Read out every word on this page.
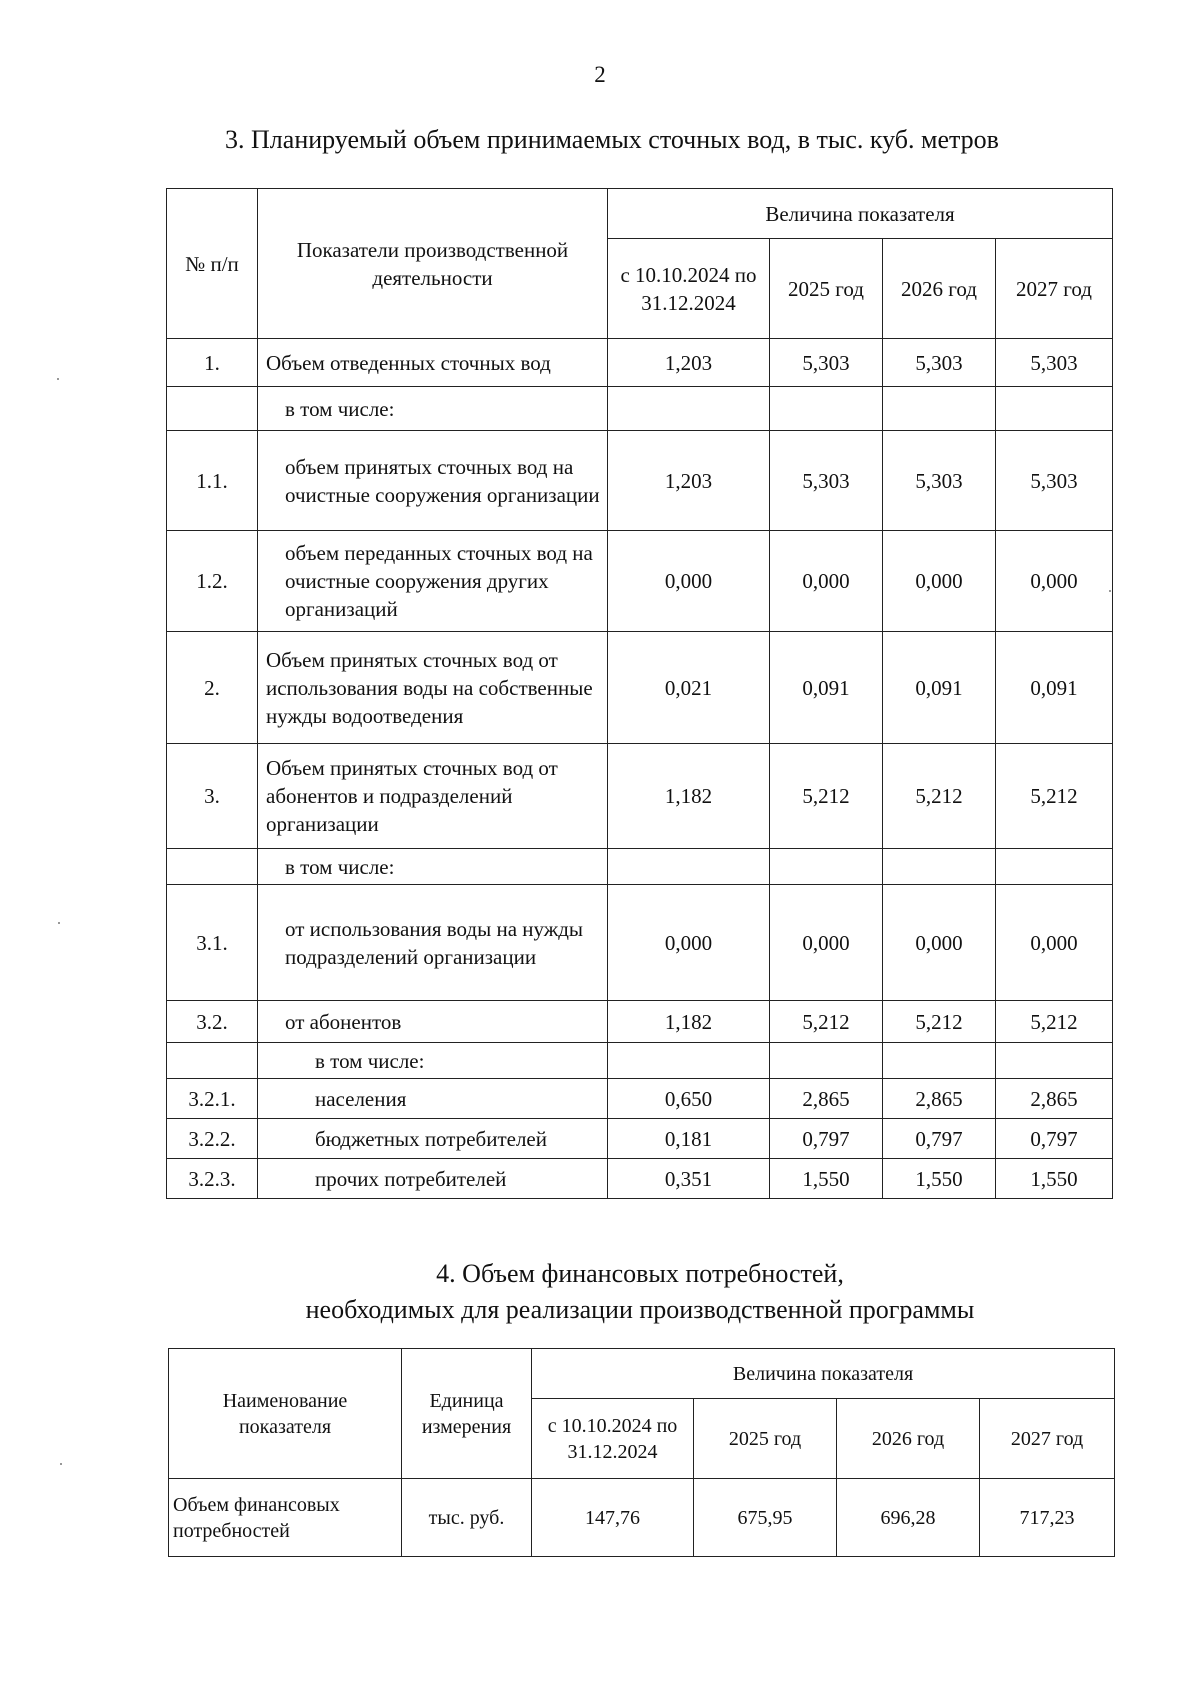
2
3. Планируемый объем принимаемых сточных вод, в тыс. куб. метров
№ п/п	Показатели производственной деятельности	Величина показателя			
		с 10.10.2024 по 31.12.2024	2025 год	2026 год	2027 год
1.	Объем отведенных сточных вод	1,203	5,303	5,303	5,303
	в том числе:				
1.1.	объем принятых сточных вод на очистные сооружения организации	1,203	5,303	5,303	5,303
1.2.	объем переданных сточных вод на очистные сооружения других организаций	0,000	0,000	0,000	0,000
2.	Объем принятых сточных вод от использования воды на собственные нужды водоотведения	0,021	0,091	0,091	0,091
3.	Объем принятых сточных вод от абонентов и подразделений организации	1,182	5,212	5,212	5,212
	в том числе:				
3.1.	от использования воды на нужды подразделений организации	0,000	0,000	0,000	0,000
3.2.	от абонентов	1,182	5,212	5,212	5,212
	в том числе:				
3.2.1.	населения	0,650	2,865	2,865	2,865
3.2.2.	бюджетных потребителей	0,181	0,797	0,797	0,797
3.2.3.	прочих потребителей	0,351	1,550	1,550	1,550
4. Объем финансовых потребностей,
необходимых для реализации производственной программы
Наименование показателя	Единица измерения	Величина показателя			
		с 10.10.2024 по 31.12.2024	2025 год	2026 год	2027 год
Объем финансовых потребностей	тыс. руб.	147,76	675,95	696,28	717,23
